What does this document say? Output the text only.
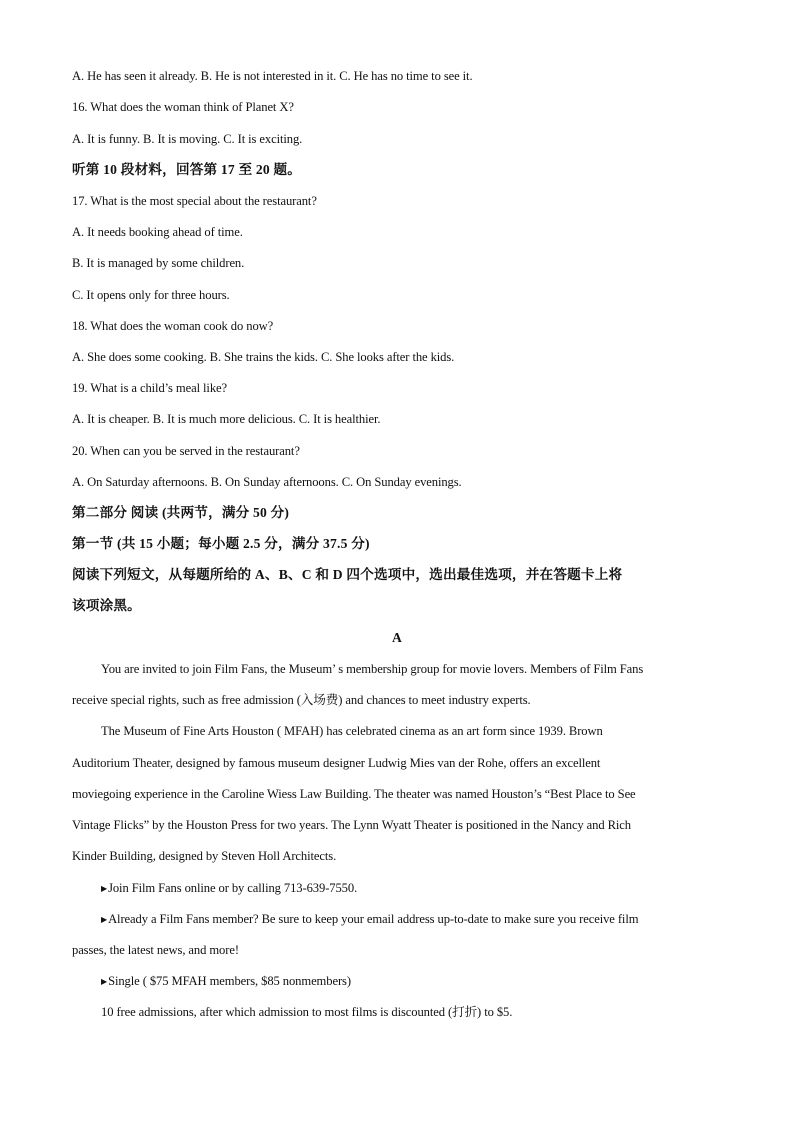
A. He has seen it already. B. He is not interested in it. C. He has no time to see it.
16. What does the woman think of Planet X?
A. It is funny. B. It is moving. C. It is exciting.
听第 10 段材料，回答第 17 至 20 题。
17. What is the most special about the restaurant?
A. It needs booking ahead of time.
B. It is managed by some children.
C. It opens only for three hours.
18. What does the woman cook do now?
A. She does some cooking. B. She trains the kids. C. She looks after the kids.
19. What is a child’s meal like?
A. It is cheaper. B. It is much more delicious. C. It is healthier.
20. When can you be served in the restaurant?
A. On Saturday afternoons. B. On Sunday afternoons. C. On Sunday evenings.
第二部分 阅读 (共两节，满分 50 分)
第一节 (共 15 小题；每小题 2.5 分，满分 37.5 分)
阅读下列短文，从每题所给的 A、B、C 和 D 四个选项中，选出最佳选项，并在答题卡上将
该项涂黑。
A
You are invited to join Film Fans, the Museum’ s membership group for movie lovers. Members of Film Fans
receive special rights, such as free admission (入场费) and chances to meet industry experts.
The Museum of Fine Arts Houston ( MFAH) has celebrated cinema as an art form since 1939. Brown
Auditorium Theater, designed by famous museum designer Ludwig Mies van der Rohe, offers an excellent
moviegoing experience in the Caroline Wiess Law Building. The theater was named Houston’s “Best Place to See
Vintage Flicks” by the Houston Press for two years. The Lynn Wyatt Theater is positioned in the Nancy and Rich
Kinder Building, designed by Steven Holl Architects.
▶Join Film Fans online or by calling 713-639-7550.
▶Already a Film Fans member? Be sure to keep your email address up-to-date to make sure you receive film
passes, the latest news, and more!
▶Single ( $75 MFAH members, $85 nonmembers)
10 free admissions, after which admission to most films is discounted (打折) to $5.
